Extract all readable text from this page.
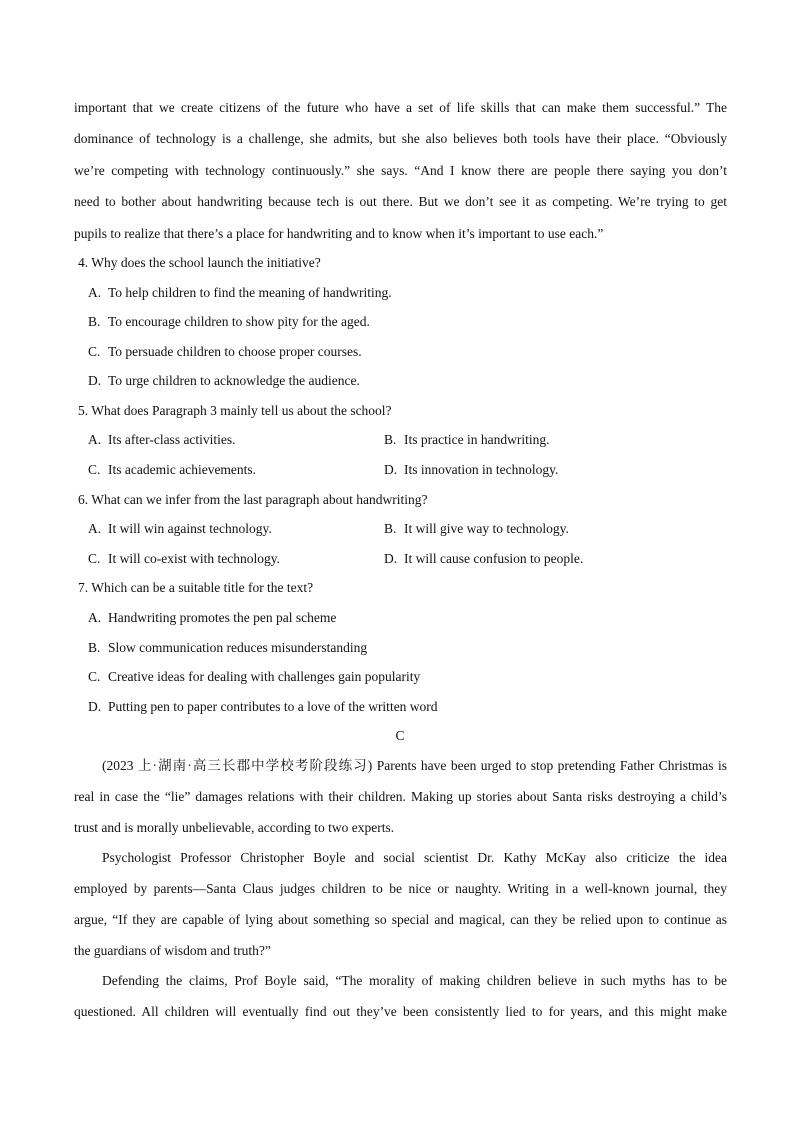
important that we create citizens of the future who have a set of life skills that can make them successful.” The
dominance of technology is a challenge, she admits, but she also believes both tools have their place. “Obviously
we’re competing with technology continuously.” she says. “And I know there are people there saying you don’t
need to bother about handwriting because tech is out there. But we don’t see it as competing. We’re trying to get
pupils to realize that there’s a place for handwriting and to know when it’s important to use each.”
4. Why does the school launch the initiative?
A. To help children to find the meaning of handwriting.
B. To encourage children to show pity for the aged.
C. To persuade children to choose proper courses.
D. To urge children to acknowledge the audience.
5. What does Paragraph 3 mainly tell us about the school?
A. Its after-class activities.	B. Its practice in handwriting.
C. Its academic achievements.	D. Its innovation in technology.
6. What can we infer from the last paragraph about handwriting?
A. It will win against technology.	B. It will give way to technology.
C. It will co-exist with technology.	D. It will cause confusion to people.
7. Which can be a suitable title for the text?
A. Handwriting promotes the pen pal scheme
B. Slow communication reduces misunderstanding
C. Creative ideas for dealing with challenges gain popularity
D. Putting pen to paper contributes to a love of the written word
C
(2023 上·湖南·高三长郡中学校考阶段练习) Parents have been urged to stop pretending Father Christmas is
real in case the “lie” damages relations with their children. Making up stories about Santa risks destroying a child’s
trust and is morally unbelievable, according to two experts.
Psychologist Professor Christopher Boyle and social scientist Dr. Kathy McKay also criticize the idea
employed by parents—Santa Claus judges children to be nice or naughty. Writing in a well-known journal, they
argue, “If they are capable of lying about something so special and magical, can they be relied upon to continue as
the guardians of wisdom and truth?”
Defending the claims, Prof Boyle said, “The morality of making children believe in such myths has to be
questioned. All children will eventually find out they’ve been consistently lied to for years, and this might make
